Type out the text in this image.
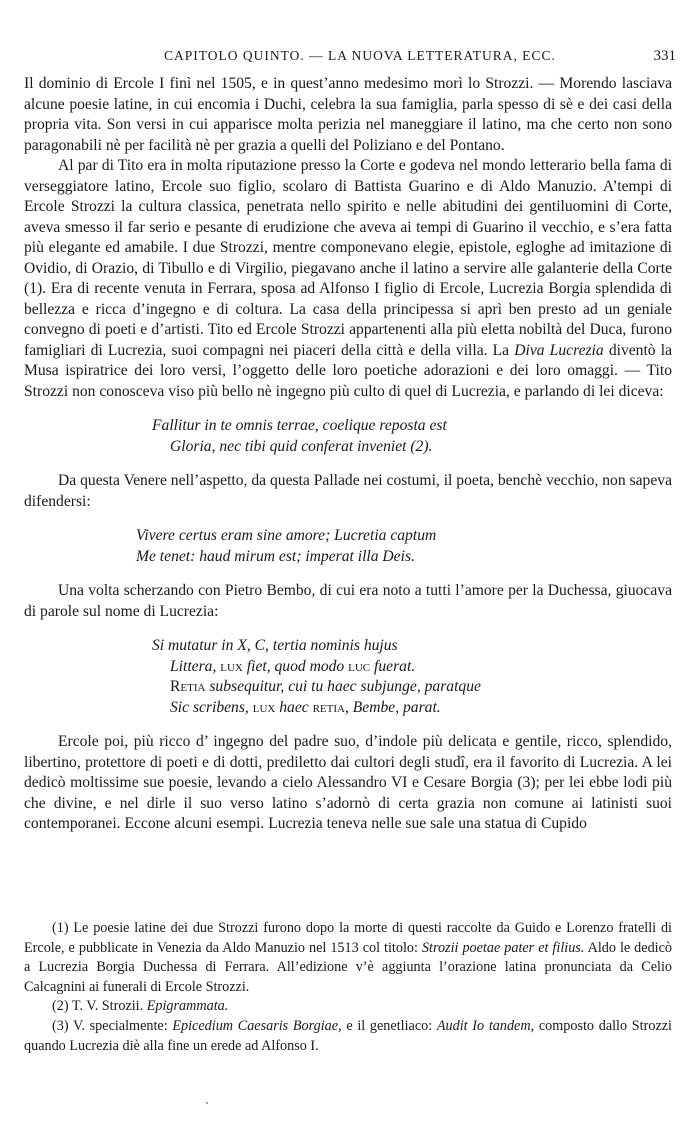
CAPITOLO QUINTO. — LA NUOVA LETTERATURA, ECC.	331

Il dominio di Ercole I finì nel 1505, e in quest’anno medesimo morì lo Strozzi. — Morendo lasciava alcune poesie latine, in cui encomia i Duchi, celebra la sua famiglia, parla spesso di sè e dei casi della propria vita. Son versi in cui apparisce molta perizia nel maneggiare il latino, ma che certo non sono paragonabili nè per facilità nè per grazia a quelli del Poliziano e del Pontano.

Al par di Tito era in molta riputazione presso la Corte e godeva nel mondo letterario bella fama di verseggiatore latino, Ercole suo figlio, scolaro di Battista Guarino e di Aldo Manuzio. A’tempi di Ercole Strozzi la cultura classica, penetrata nello spirito e nelle abitudini dei gentiluomini di Corte, aveva smesso il far serio e pesante di erudizione che aveva ai tempi di Guarino il vecchio, e s’era fatta più elegante ed amabile. I due Strozzi, mentre componevano elegie, epistole, egloghe ad imitazione di Ovidio, di Orazio, di Tibullo e di Virgilio, piegavano anche il latino a servire alle galanterie della Corte (1). Era di recente venuta in Ferrara, sposa ad Alfonso I figlio di Ercole, Lucrezia Borgia splendida di bellezza e ricca d’ingegno e di coltura. La casa della principessa si aprì ben presto ad un geniale convegno di poeti e d’artisti. Tito ed Ercole Strozzi appartenenti alla più eletta nobiltà del Duca, furono famigliari di Lucrezia, suoi compagni nei piaceri della città e della villa. La Diva Lucrezia diventò la Musa ispiratrice dei loro versi, l’oggetto delle loro poetiche adorazioni e dei loro omaggi. — Tito Strozzi non conosceva viso più bello nè ingegno più culto di quel di Lucrezia, e parlando di lei diceva:

Fallitur in te omnis terrae, coelique reposta est
Gloria, nec tibi quid conferat inveniet (2).

Da questa Venere nell’aspetto, da questa Pallade nei costumi, il poeta, benchè vecchio, non sapeva difendersi:

Vivere certus eram sine amore; Lucretia captum
Me tenet: haud mirum est; imperat illa Deis.

Una volta scherzando con Pietro Bembo, di cui era noto a tutti l’amore per la Duchessa, giuocava di parole sul nome di Lucrezia:

Si mutatur in X, C, tertia nominis hujus
Littera, lux fiet, quod modo luc fuerat.
Retia subsequitur, cui tu haec subjunge, paratque
Sic scribens, lux haec retia, Bembe, parat.

Ercole poi, più ricco d’ ingegno del padre suo, d’indole più delicata e gentile, ricco, splendido, libertino, protettore di poeti e di dotti, prediletto dai cultori degli studî, era il favorito di Lucrezia. A lei dedicò moltissime sue poesie, levando a cielo Alessandro VI e Cesare Borgia (3); per lei ebbe lodi più che divine, e nel dirle il suo verso latino s’adornò di certa grazia non comune ai latinisti suoi contemporanei. Eccone alcuni esempi. Lucrezia teneva nelle sue sale una statua di Cupido

(1) Le poesie latine dei due Strozzi furono dopo la morte di questi raccolte da Guido e Lorenzo fratelli di Ercole, e pubblicate in Venezia da Aldo Manuzio nel 1513 col titolo: Strozii poetae pater et filius. Aldo le dedicò a Lucrezia Borgia Duchessa di Ferrara. All’edizione v’è aggiunta l’orazione latina pronunciata da Celio Calcagnini ai funerali di Ercole Strozzi.

(2) T. V. Strozii. Epigrammata.

(3) V. specialmente: Epicedium Caesaris Borgiae, e il genetliaco: Audit Io tandem, composto dallo Strozzi quando Lucrezia diè alla fine un erede ad Alfonso I.
